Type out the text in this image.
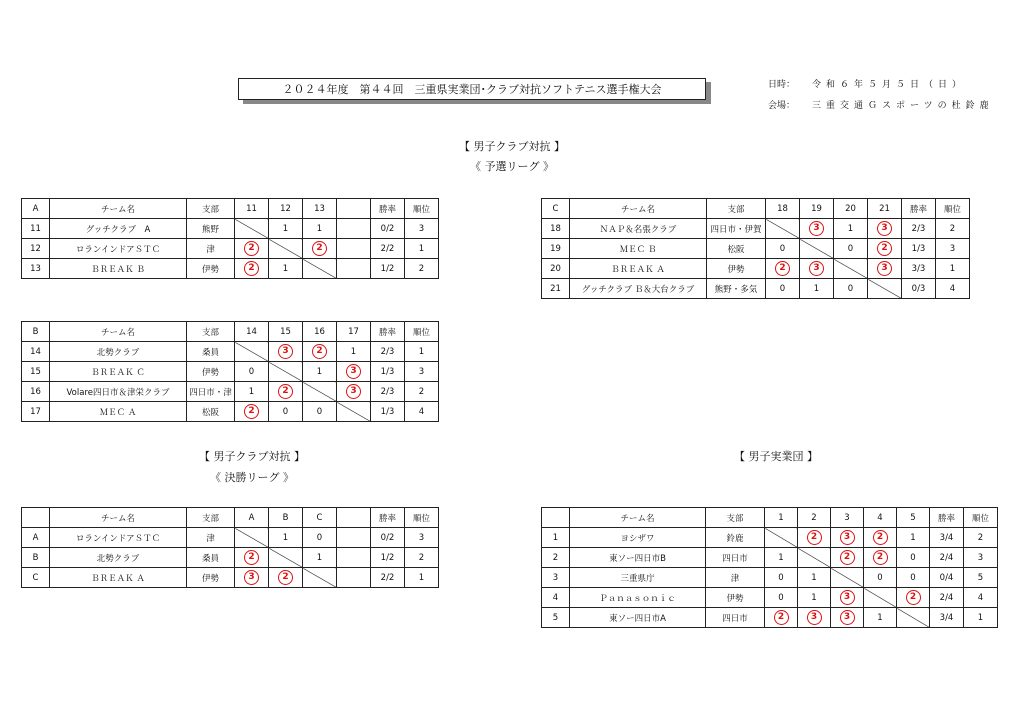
２０２４年度　第４４回　三重県実業団･クラブ対抗ソフトテニス選手権大会	日時：	令和６年５月５日（日）
会場：	三重交通Ｇスポーツの杜鈴鹿
【 男子クラブ対抗 】
《 予選リーグ 》
【 男子クラブ対抗 】
《 決勝リーグ 》
【 男子実業団 】
A	チーム名	支部	11	12	13		勝率	順位
11	グッチクラブ　A	熊野		1	1		0/2	3
12	ロランインドアＳＴＣ	津	2		2		2/2	1
13	ＢＲＥＡＫ Ｂ	伊勢	2	1			1/2	2
C	チーム名	支部	18	19	20	21	勝率	順位
18	ＮＡＰ＆名張クラブ	四日市・伊賀		3	1	3	2/3	2
19	ＭＥＣ Ｂ	松阪	0		0	2	1/3	3
20	ＢＲＥＡＫ Ａ	伊勢	2	3		3	3/3	1
21	グッチクラブ Ｂ＆大台クラブ	熊野・多気	0	1	0		0/3	4
B	チーム名	支部	14	15	16	17	勝率	順位
14	北勢クラブ	桑員		3	2	1	2/3	1
15	ＢＲＥＡＫ Ｃ	伊勢	0		1	3	1/3	3
16	Volare四日市＆津栄クラブ	四日市・津	1	2		3	2/3	2
17	ＭＥＣ Ａ	松阪	2	0	0		1/3	4
	チーム名	支部	A	B	C		勝率	順位
A	ロランインドアＳＴＣ	津		1	0		0/2	3
B	北勢クラブ	桑員	2		1		1/2	2
C	ＢＲＥＡＫ Ａ	伊勢	3	2			2/2	1
	チーム名	支部	1	2	3	4	5	勝率	順位
1	ヨシザワ	鈴鹿		2	3	2	1	3/4	2
2	東ソー四日市B	四日市	1		2	2	0	2/4	3
3	三重県庁	津	0	1		0	0	0/4	5
4	Ｐａｎａｓｏｎｉｃ	伊勢	0	1	3		2	2/4	4
5	東ソー四日市A	四日市	2	3	3	1		3/4	1
